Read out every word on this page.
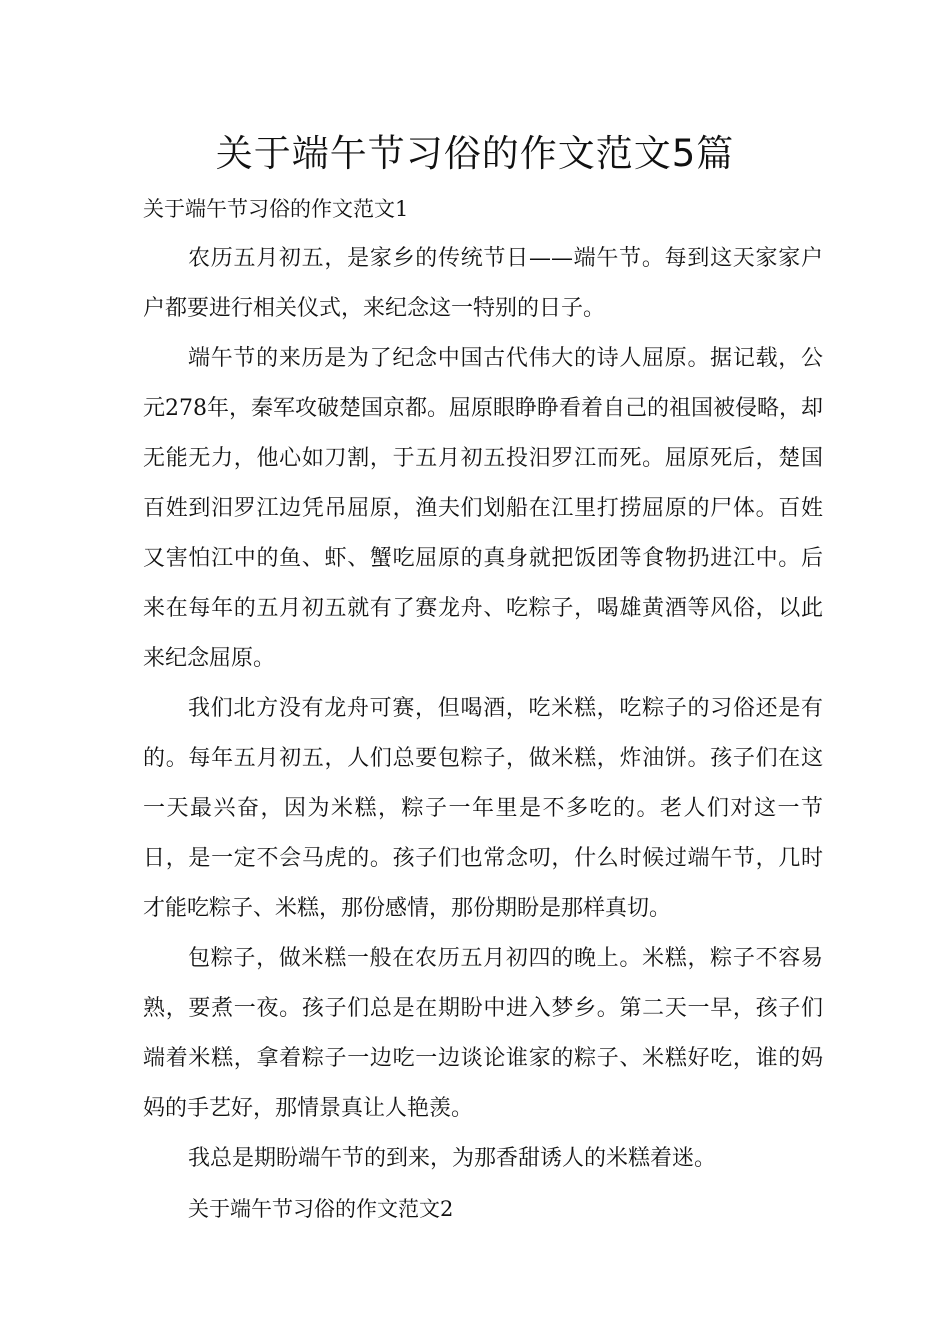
关于端午节习俗的作文范文5篇
关于端午节习俗的作文范文1

农历五月初五，是家乡的传统节日——端午节。每到这天家家户户都要进行相关仪式，来纪念这一特别的日子。

端午节的来历是为了纪念中国古代伟大的诗人屈原。据记载，公元278年，秦军攻破楚国京都。屈原眼睁睁看着自己的祖国被侵略，却无能无力，他心如刀割，于五月初五投汨罗江而死。屈原死后，楚国百姓到汨罗江边凭吊屈原，渔夫们划船在江里打捞屈原的尸体。百姓又害怕江中的鱼、虾、蟹吃屈原的真身就把饭团等食物扔进江中。后来在每年的五月初五就有了赛龙舟、吃粽子，喝雄黄酒等风俗，以此来纪念屈原。

我们北方没有龙舟可赛，但喝酒，吃米糕，吃粽子的习俗还是有的。每年五月初五，人们总要包粽子，做米糕，炸油饼。孩子们在这一天最兴奋，因为米糕，粽子一年里是不多吃的。老人们对这一节日，是一定不会马虎的。孩子们也常念叨，什么时候过端午节，几时才能吃粽子、米糕，那份感情，那份期盼是那样真切。

包粽子，做米糕一般在农历五月初四的晚上。米糕，粽子不容易熟，要煮一夜。孩子们总是在期盼中进入梦乡。第二天一早，孩子们端着米糕，拿着粽子一边吃一边谈论谁家的粽子、米糕好吃，谁的妈妈的手艺好，那情景真让人艳羡。

我总是期盼端午节的到来，为那香甜诱人的米糕着迷。

关于端午节习俗的作文范文2
